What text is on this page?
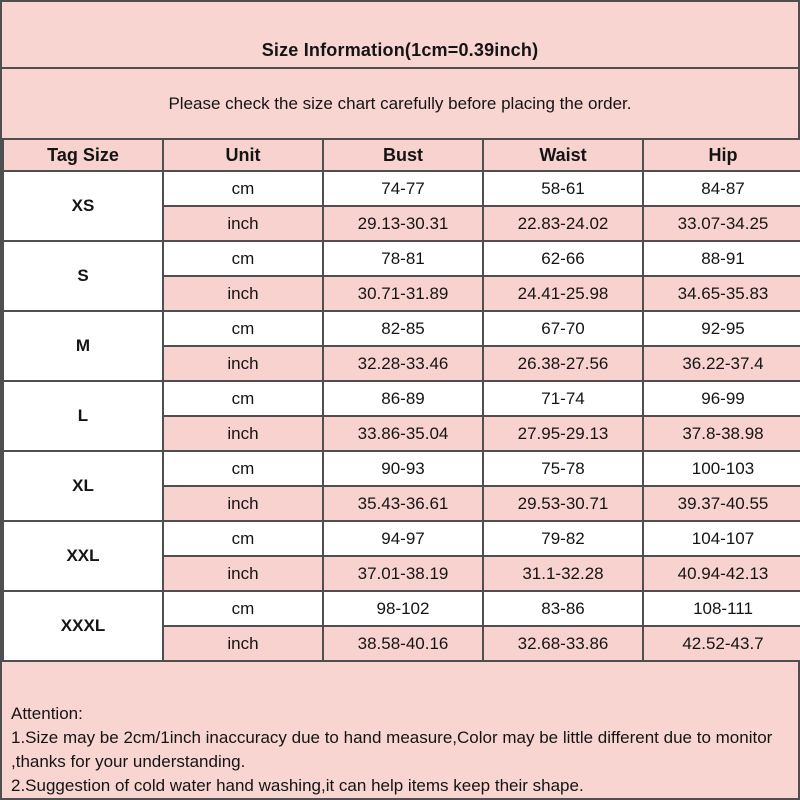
Size Information(1cm=0.39inch)
Please check the size chart carefully before placing the order.
Tag Size	Unit	Bust	Waist	Hip
XS	cm	74-77	58-61	84-87
	inch	29.13-30.31	22.83-24.02	33.07-34.25
S	cm	78-81	62-66	88-91
	inch	30.71-31.89	24.41-25.98	34.65-35.83
M	cm	82-85	67-70	92-95
	inch	32.28-33.46	26.38-27.56	36.22-37.4
L	cm	86-89	71-74	96-99
	inch	33.86-35.04	27.95-29.13	37.8-38.98
XL	cm	90-93	75-78	100-103
	inch	35.43-36.61	29.53-30.71	39.37-40.55
XXL	cm	94-97	79-82	104-107
	inch	37.01-38.19	31.1-32.28	40.94-42.13
XXXL	cm	98-102	83-86	108-111
	inch	38.58-40.16	32.68-33.86	42.52-43.7
Attention:
1.Size may be 2cm/1inch inaccuracy due to hand measure,Color may be little different due to monitor ,thanks for your understanding.
2.Suggestion of cold water hand washing,it can help items keep their shape.
